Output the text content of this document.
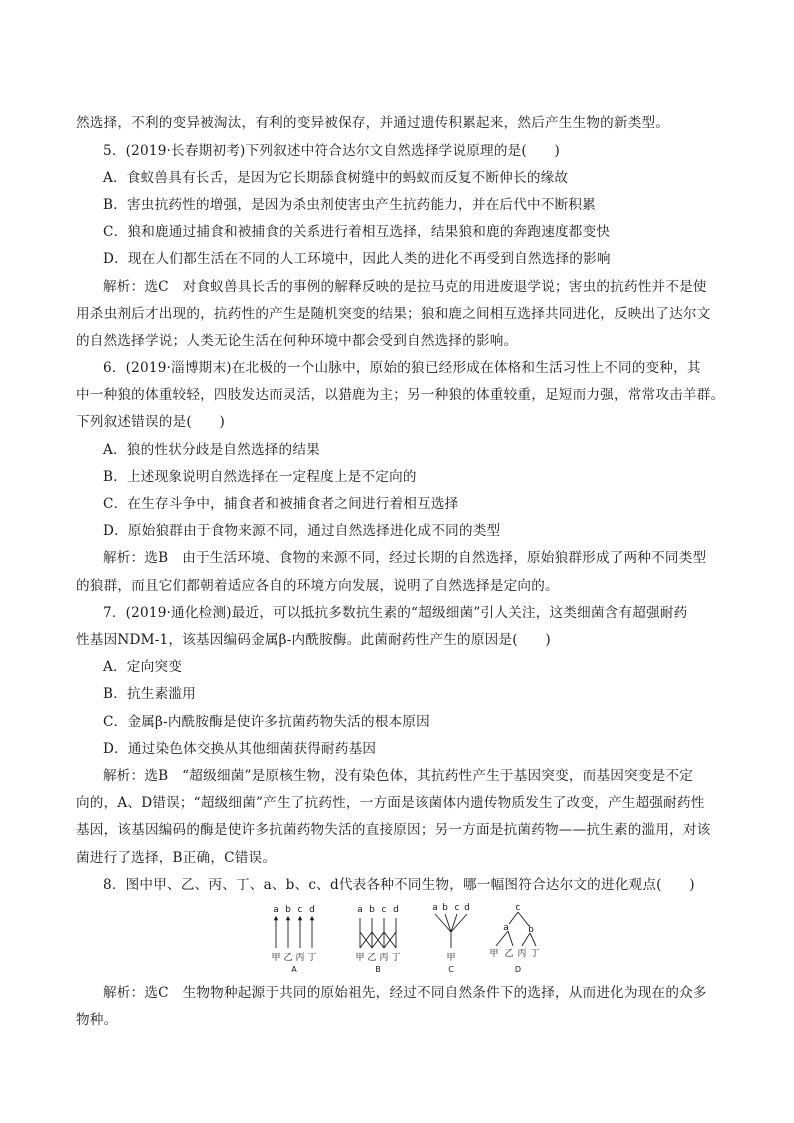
然选择，不利的变异被淘汰，有利的变异被保存，并通过遗传积累起来，然后产生生物的新类型。
5．(2019·长春期初考)下列叙述中符合达尔文自然选择学说原理的是(　　)
A．食蚁兽具有长舌，是因为它长期舔食树缝中的蚂蚁而反复不断伸长的缘故
B．害虫抗药性的增强，是因为杀虫剂使害虫产生抗药能力，并在后代中不断积累
C．狼和鹿通过捕食和被捕食的关系进行着相互选择，结果狼和鹿的奔跑速度都变快
D．现在人们都生活在不同的人工环境中，因此人类的进化不再受到自然选择的影响
解析：选C　对食蚁兽具长舌的事例的解释反映的是拉马克的用进废退学说；害虫的抗药性并不是使
用杀虫剂后才出现的，抗药性的产生是随机突变的结果；狼和鹿之间相互选择共同进化，反映出了达尔文
的自然选择学说；人类无论生活在何种环境中都会受到自然选择的影响。
6．(2019·淄博期末)在北极的一个山脉中，原始的狼已经形成在体格和生活习性上不同的变种，其
中一种狼的体重较轻，四肢发达而灵活，以猎鹿为主；另一种狼的体重较重，足短而力强，常常攻击羊群。
下列叙述错误的是(　　)
A．狼的性状分歧是自然选择的结果
B．上述现象说明自然选择在一定程度上是不定向的
C．在生存斗争中，捕食者和被捕食者之间进行着相互选择
D．原始狼群由于食物来源不同，通过自然选择进化成不同的类型
解析：选B　由于生活环境、食物的来源不同，经过长期的自然选择，原始狼群形成了两种不同类型
的狼群，而且它们都朝着适应各自的环境方向发展，说明了自然选择是定向的。
7．(2019·通化检测)最近，可以抵抗多数抗生素的“超级细菌”引人关注，这类细菌含有超强耐药
性基因NDM-1，该基因编码金属β-内酰胺酶。此菌耐药性产生的原因是(　　)
A．定向突变
B．抗生素滥用
C．金属β-内酰胺酶是使许多抗菌药物失活的根本原因
D．通过染色体交换从其他细菌获得耐药基因
解析：选B　“超级细菌”是原核生物，没有染色体，其抗药性产生于基因突变，而基因突变是不定
向的，A、D错误；“超级细菌”产生了抗药性，一方面是该菌体内遗传物质发生了改变，产生超强耐药性
基因，该基因编码的酶是使许多抗菌药物失活的直接原因；另一方面是抗菌药物——抗生素的滥用，对该
菌进行了选择，B正确，C错误。
8．图中甲、乙、丙、丁、a、b、c、d代表各种不同生物，哪一幅图符合达尔文的进化观点(　　)
a
甲
b
乙
c
丙
d
丁
A
a
甲
b
乙
c
丙
d
丁
B
a b c d
甲
C
c
a b
甲 乙 丙 丁
D
解析：选C　生物物种起源于共同的原始祖先，经过不同自然条件下的选择，从而进化为现在的众多
物种。
